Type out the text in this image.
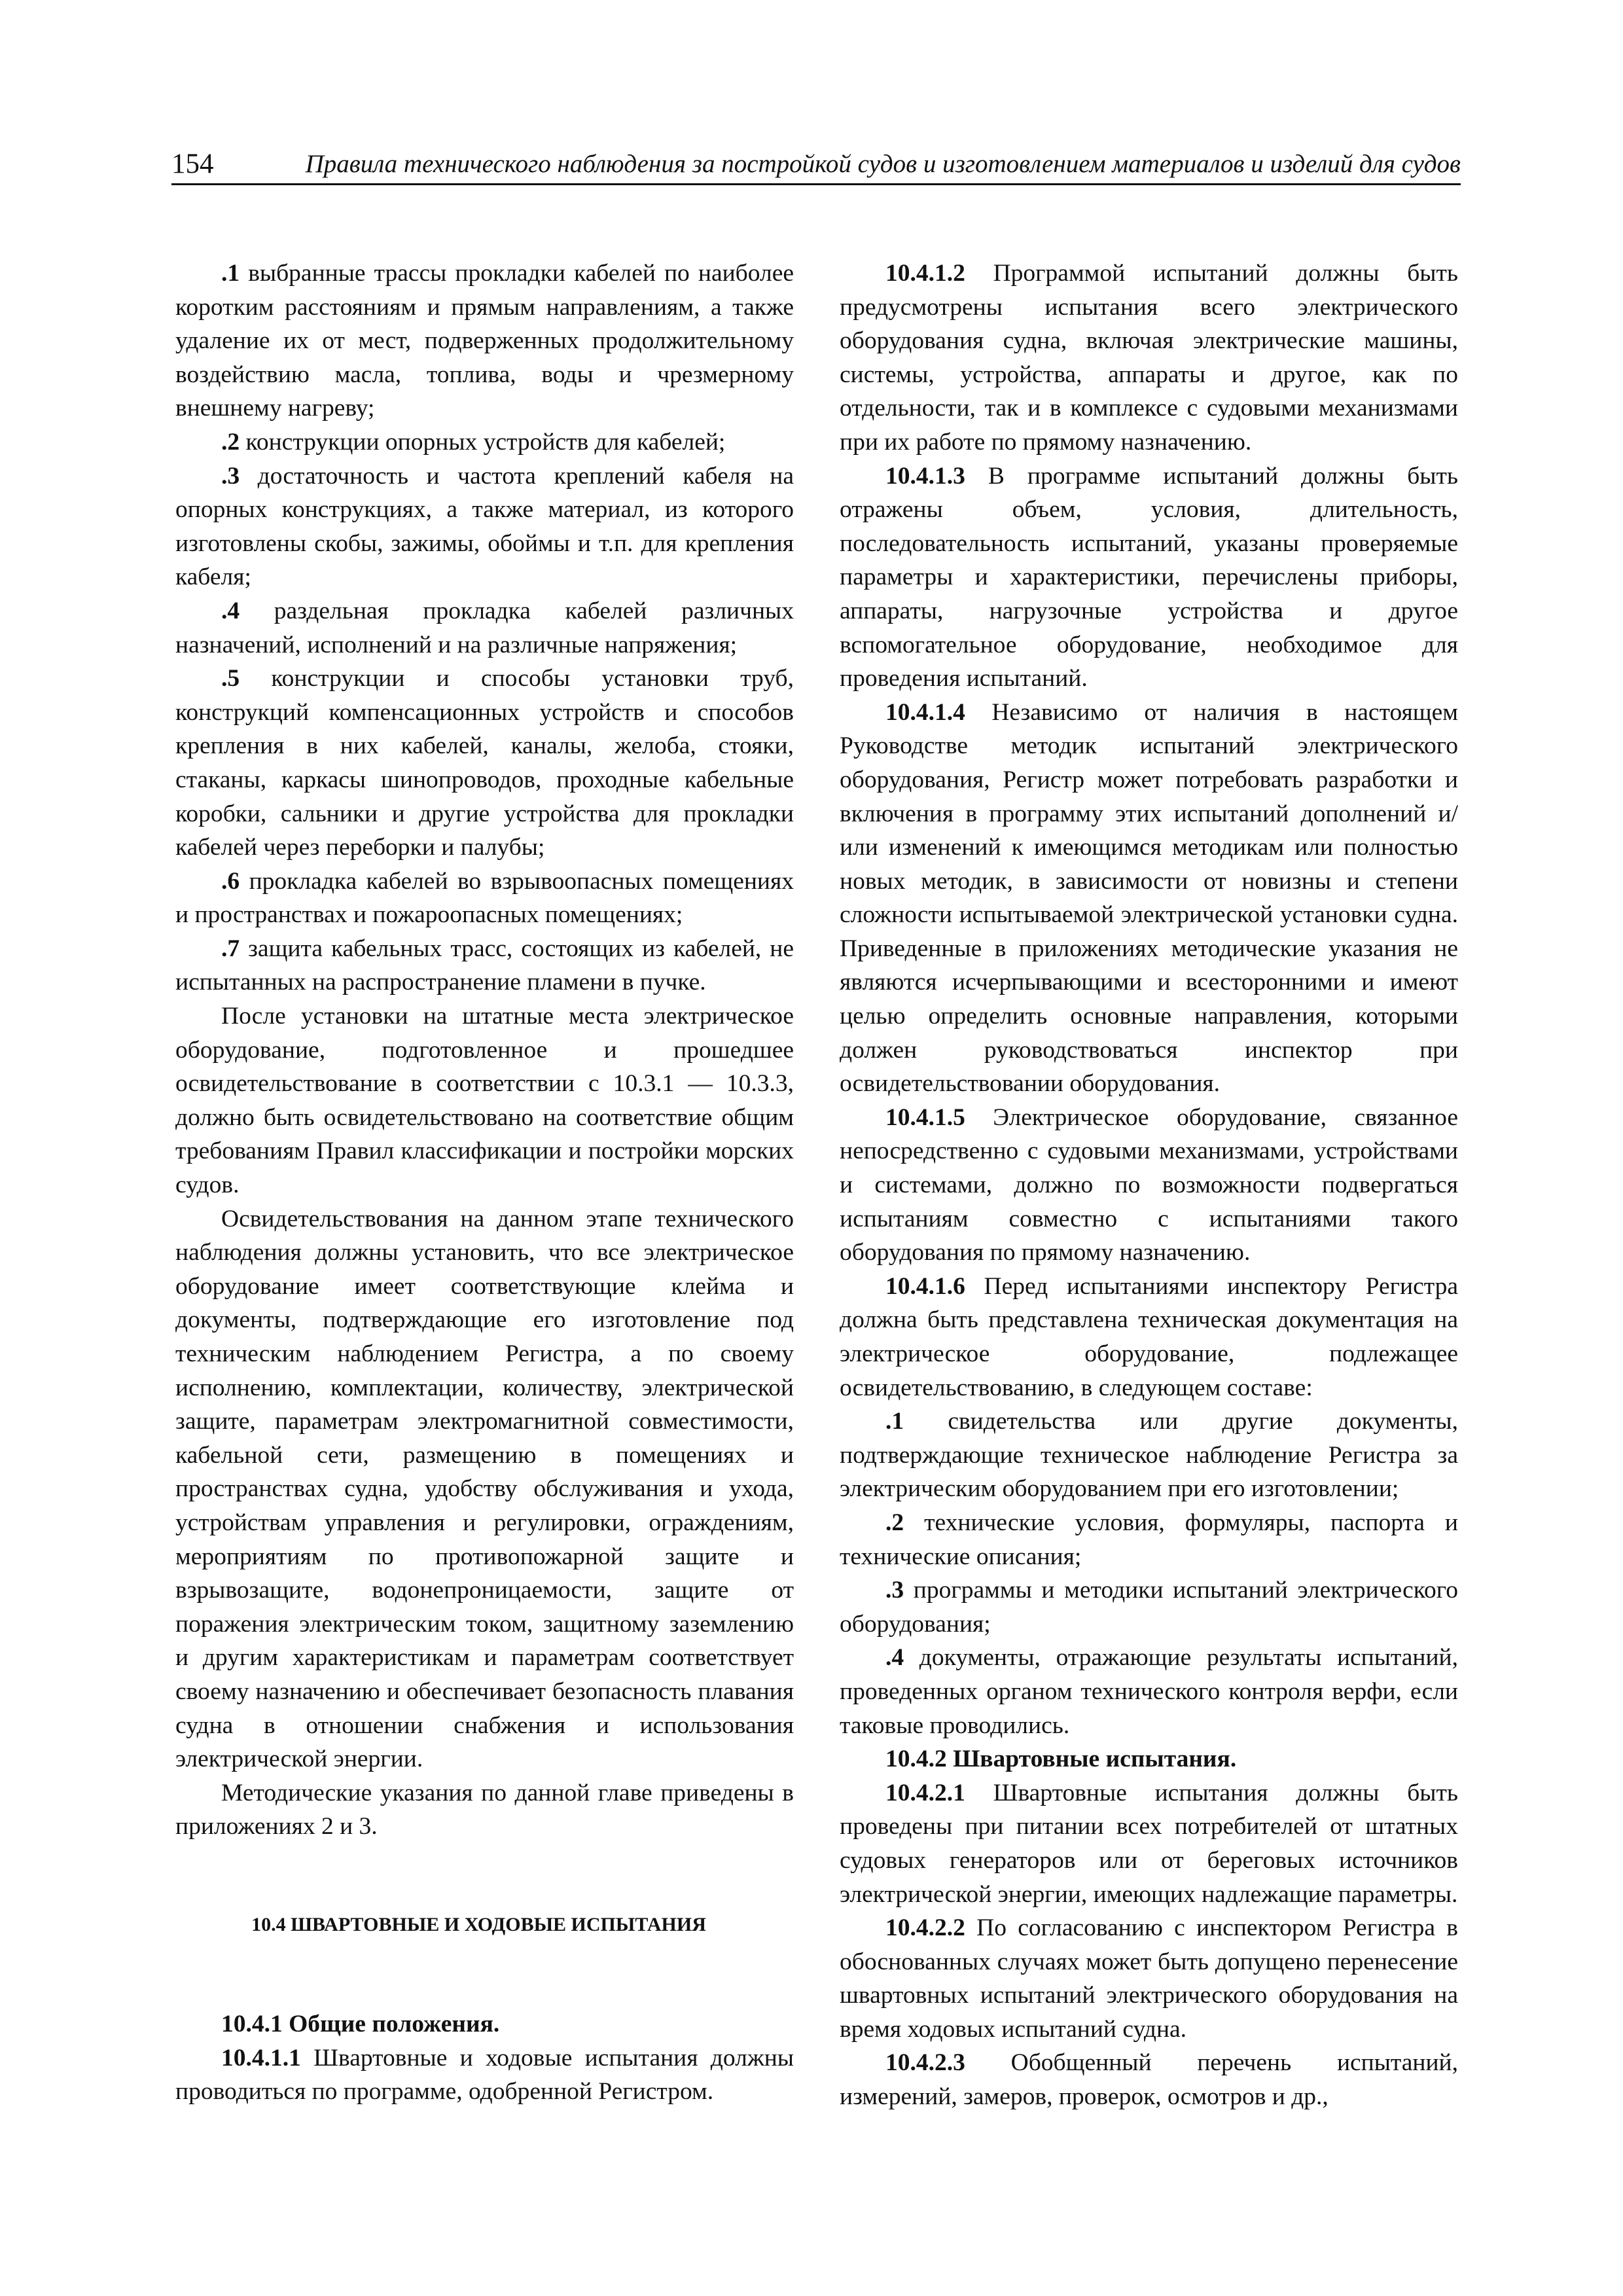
154	Правила технического наблюдения за постройкой судов и изготовлением материалов и изделий для судов

.1 выбранные трассы прокладки кабелей по наиболее коротким расстояниям и прямым направлениям, а также удаление их от мест, подверженных продолжительному воздействию масла, топлива, воды и чрезмерному внешнему нагреву;

.2 конструкции опорных устройств для кабелей;

.3 достаточность и частота креплений кабеля на опорных конструкциях, а также материал, из которого изготовлены скобы, зажимы, обоймы и т.п. для крепления кабеля;

.4 раздельная прокладка кабелей различных назначений, исполнений и на различные напряжения;

.5 конструкции и способы установки труб, конструкций компенсационных устройств и способов крепления в них кабелей, каналы, желоба, стояки, стаканы, каркасы шинопроводов, проходные кабельные коробки, сальники и другие устройства для прокладки кабелей через переборки и палубы;

.6 прокладка кабелей во взрывоопасных помещениях и пространствах и пожароопасных помещениях;

.7 защита кабельных трасс, состоящих из кабелей, не испытанных на распространение пламени в пучке.

После установки на штатные места электрическое оборудование, подготовленное и прошедшее освидетельствование в соответствии с 10.3.1 — 10.3.3, должно быть освидетельствовано на соответствие общим требованиям Правил классификации и постройки морских судов.

Освидетельствования на данном этапе технического наблюдения должны установить, что все электрическое оборудование имеет соответствующие клейма и документы, подтверждающие его изготовление под техническим наблюдением Регистра, а по своему исполнению, комплектации, количеству, электрической защите, параметрам электромагнитной совместимости, кабельной сети, размещению в помещениях и пространствах судна, удобству обслуживания и ухода, устройствам управления и регулировки, ограждениям, мероприятиям по противопожарной защите и взрывозащите, водонепроницаемости, защите от поражения электрическим током, защитному заземлению и другим характеристикам и параметрам соответствует своему назначению и обеспечивает безопасность плавания судна в отношении снабжения и использования электрической энергии.

Методические указания по данной главе приведены в приложениях 2 и 3.

10.4 ШВАРТОВНЫЕ И ХОДОВЫЕ ИСПЫТАНИЯ

10.4.1 Общие положения.

10.4.1.1 Швартовные и ходовые испытания должны проводиться по программе, одобренной Регистром.

10.4.1.2 Программой испытаний должны быть предусмотрены испытания всего электрического оборудования судна, включая электрические машины, системы, устройства, аппараты и другое, как по отдельности, так и в комплексе с судовыми механизмами при их работе по прямому назначению.

10.4.1.3 В программе испытаний должны быть отражены объем, условия, длительность, последовательность испытаний, указаны проверяемые параметры и характеристики, перечислены приборы, аппараты, нагрузочные устройства и другое вспомогательное оборудование, необходимое для проведения испытаний.

10.4.1.4 Независимо от наличия в настоящем Руководстве методик испытаний электрического оборудования, Регистр может потребовать разработки и включения в программу этих испытаний дополнений и/или изменений к имеющимся методикам или полностью новых методик, в зависимости от новизны и степени сложности испытываемой электрической установки судна. Приведенные в приложениях методические указания не являются исчерпывающими и всесторонними и имеют целью определить основные направления, которыми должен руководствоваться инспектор при освидетельствовании оборудования.

10.4.1.5 Электрическое оборудование, связанное непосредственно с судовыми механизмами, устройствами и системами, должно по возможности подвергаться испытаниям совместно с испытаниями такого оборудования по прямому назначению.

10.4.1.6 Перед испытаниями инспектору Регистра должна быть представлена техническая документация на электрическое оборудование, подлежащее освидетельствованию, в следующем составе:

.1 свидетельства или другие документы, подтверждающие техническое наблюдение Регистра за электрическим оборудованием при его изготовлении;

.2 технические условия, формуляры, паспорта и технические описания;

.3 программы и методики испытаний электрического оборудования;

.4 документы, отражающие результаты испытаний, проведенных органом технического контроля верфи, если таковые проводились.

10.4.2 Швартовные испытания.

10.4.2.1 Швартовные испытания должны быть проведены при питании всех потребителей от штатных судовых генераторов или от береговых источников электрической энергии, имеющих надлежащие параметры.

10.4.2.2 По согласованию с инспектором Регистра в обоснованных случаях может быть допущено перенесение швартовных испытаний электрического оборудования на время ходовых испытаний судна.

10.4.2.3 Обобщенный перечень испытаний, измерений, замеров, проверок, осмотров и др.,
